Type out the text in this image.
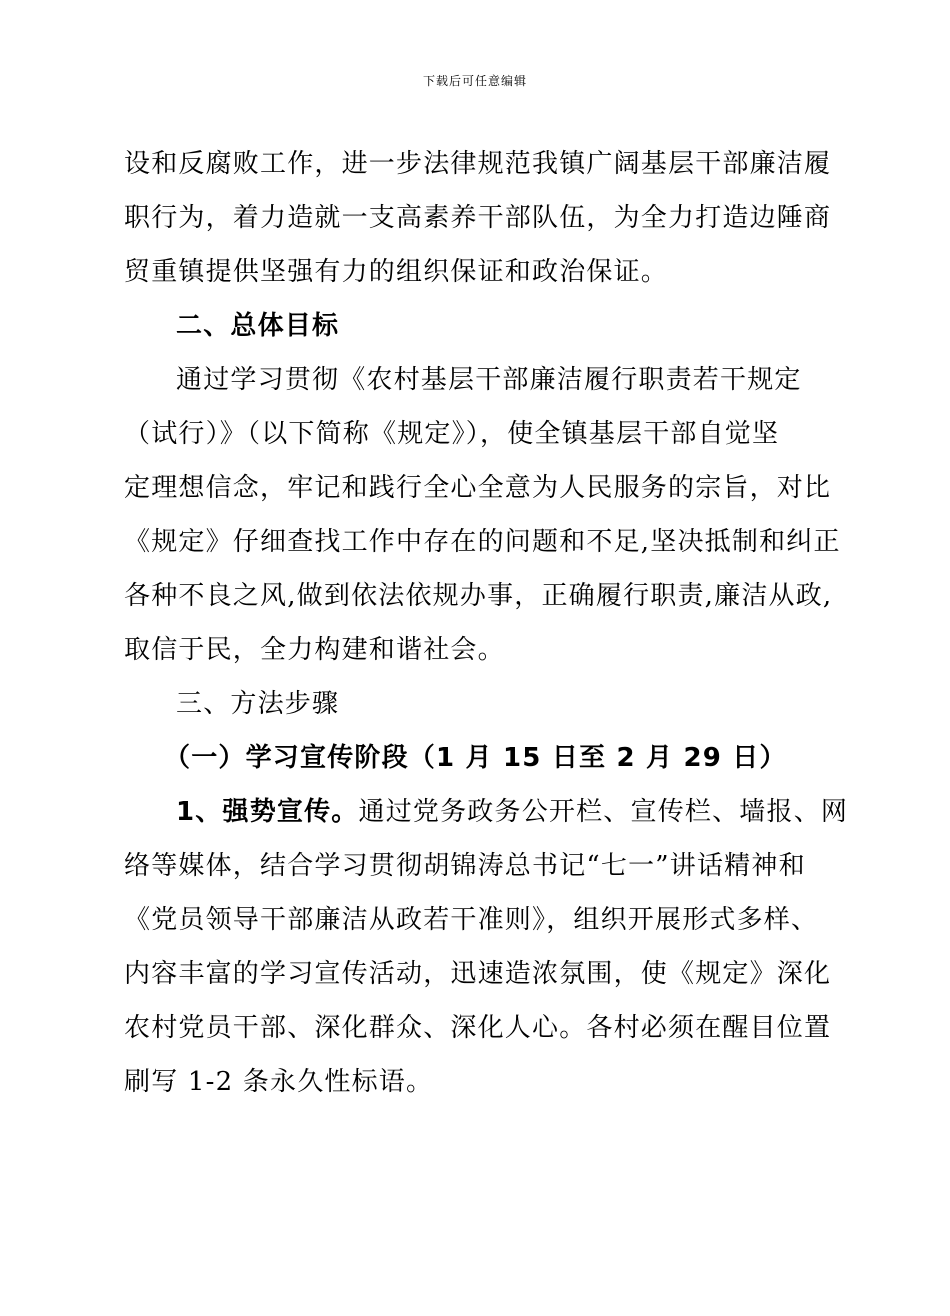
下载后可任意编辑
设和反腐败工作，进一步法律规范我镇广阔基层干部廉洁履
职行为，着力造就一支高素养干部队伍，为全力打造边陲商
贸重镇提供坚强有力的组织保证和政治保证。
二、总体目标
通过学习贯彻《农村基层干部廉洁履行职责若干规定
（试行）》（以下简称《规定》），使全镇基层干部自觉坚
定理想信念，牢记和践行全心全意为人民服务的宗旨，对比
《规定》仔细查找工作中存在的问题和不足,坚决抵制和纠正
各种不良之风,做到依法依规办事，正确履行职责,廉洁从政,
取信于民，全力构建和谐社会。
三、方法步骤
（一）学习宣传阶段（1 月 15 日至 2 月 29 日）
1、强势宣传。通过党务政务公开栏、宣传栏、墙报、网
络等媒体，结合学习贯彻胡锦涛总书记“七一”讲话精神和
《党员领导干部廉洁从政若干准则》，组织开展形式多样、
内容丰富的学习宣传活动，迅速造浓氛围，使《规定》深化
农村党员干部、深化群众、深化人心。各村必须在醒目位置
刷写 1-2 条永久性标语。
